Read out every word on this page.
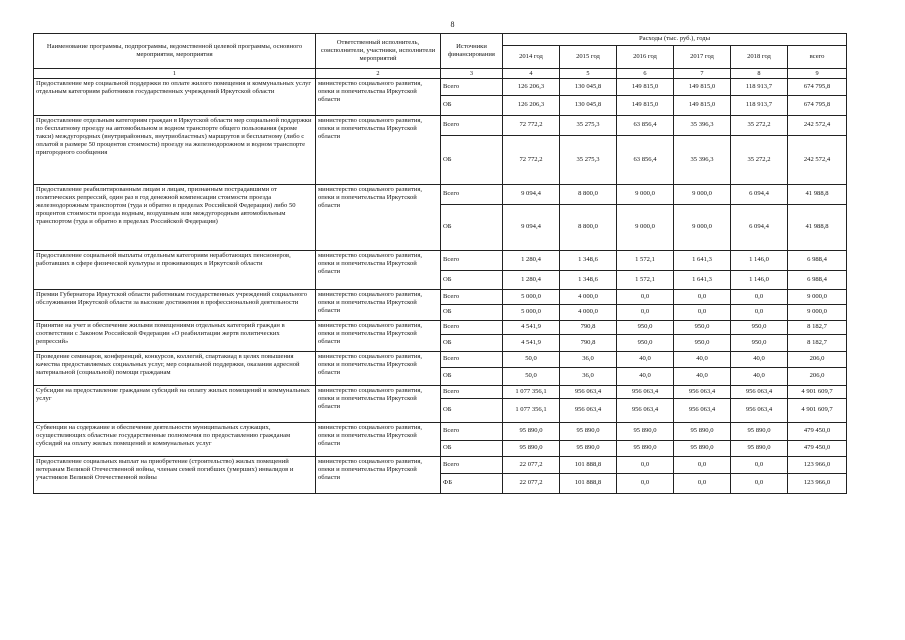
8
Наименование программы, подпрограммы, ведомственной целевой программы, основного мероприятия, мероприятия	Ответственный исполнитель, соисполнители, участники, исполнители мероприятий	Источники финансирования	Расходы (тыс. руб.), годы					
			2014 год	2015 год	2016 год	2017 год	2018 год	всего
1	2	3	4	5	6	7	8	9
Предоставление мер социальной поддержки по оплате жилого помещения и коммунальных услуг отдельным категориям работников государственных учреждений Иркутской области	министерство социального развития, опеки и попечительства Иркутской области	Всего	126 206,3	130 045,8	149 815,0	149 815,0	118 913,7	674 795,8
		ОБ	126 206,3	130 045,8	149 815,0	149 815,0	118 913,7	674 795,8
Предоставление отдельным категориям граждан в Иркутской области мер социальной поддержки по бесплатному проезду на автомобильном и водном транспорте общего пользования (кроме такси) междугородных (внутрирайонных, внутриобластных) маршрутов и бесплатному (либо с оплатой в размере 50 процентов стоимости) проезду на железнодорожном и водном транспорте пригородного сообщения	министерство социального развития, опеки и попечительства Иркутской области	Всего	72 772,2	35 275,3	63 856,4	35 396,3	35 272,2	242 572,4
		ОБ	72 772,2	35 275,3	63 856,4	35 396,3	35 272,2	242 572,4
Предоставление реабилитированным лицам и лицам, признанным пострадавшими от политических репрессий, один раз в год денежной компенсации стоимости проезда железнодорожным транспортом (туда и обратно в пределах Российской Федерации) либо 50 процентов стоимости проезда водным, воздушным или междугородным автомобильным транспортом (туда и обратно в пределах Российской Федерации)	министерство социального развития, опеки и попечительства Иркутской области	Всего	9 094,4	8 800,0	9 000,0	9 000,0	6 094,4	41 988,8
		ОБ	9 094,4	8 800,0	9 000,0	9 000,0	6 094,4	41 988,8
Предоставление социальной выплаты отдельным категориям неработающих пенсионеров, работавших в сфере физической культуры и проживающих в Иркутской области	министерство социального развития, опеки и попечительства Иркутской области	Всего	1 280,4	1 348,6	1 572,1	1 641,3	1 146,0	6 988,4
		ОБ	1 280,4	1 348,6	1 572,1	1 641,3	1 146,0	6 988,4
Премии Губернатора Иркутской области работникам государственных учреждений социального обслуживания Иркутской области за высокие достижения в профессиональной деятельности	министерство социального развития, опеки и попечительства Иркутской области	Всего	5 000,0	4 000,0	0,0	0,0	0,0	9 000,0
		ОБ	5 000,0	4 000,0	0,0	0,0	0,0	9 000,0
Принятие на учет и обеспечение жилыми помещениями отдельных категорий граждан в соответствии с Законом Российской Федерации «О реабилитации жертв политических репрессий»	министерство социального развития, опеки и попечительства Иркутской области	Всего	4 541,9	790,8	950,0	950,0	950,0	8 182,7
		ОБ	4 541,9	790,8	950,0	950,0	950,0	8 182,7
Проведение семинаров, конференций, конкурсов, коллегий, спартакиад в целях повышения качества предоставляемых социальных услуг, мер социальной поддержки, оказания адресной материальной (социальной) помощи гражданам	министерство социального развития, опеки и попечительства Иркутской области	Всего	50,0	36,0	40,0	40,0	40,0	206,0
		ОБ	50,0	36,0	40,0	40,0	40,0	206,0
Субсидии на предоставление гражданам субсидий на оплату жилых помещений и коммунальных услуг	министерство социального развития, опеки и попечительства Иркутской области	Всего	1 077 356,1	956 063,4	956 063,4	956 063,4	956 063,4	4 901 609,7
		ОБ	1 077 356,1	956 063,4	956 063,4	956 063,4	956 063,4	4 901 609,7
Субвенции на содержание и обеспечение деятельности муниципальных служащих, осуществляющих областные государственные полномочия по предоставлению гражданам субсидий на оплату жилых помещений и коммунальных услуг	министерство социального развития, опеки и попечительства Иркутской области	Всего	95 890,0	95 890,0	95 890,0	95 890,0	95 890,0	479 450,0
		ОБ	95 890,0	95 890,0	95 890,0	95 890,0	95 890,0	479 450,0
Предоставление социальных выплат на приобретение (строительство) жилых помещений ветеранам Великой Отечественной войны, членам семей погибших (умерших) инвалидов и участников Великой Отечественной войны	министерство социального развития, опеки и попечительства Иркутской области	Всего	22 077,2	101 888,8	0,0	0,0	0,0	123 966,0
		ФБ	22 077,2	101 888,8	0,0	0,0	0,0	123 966,0
